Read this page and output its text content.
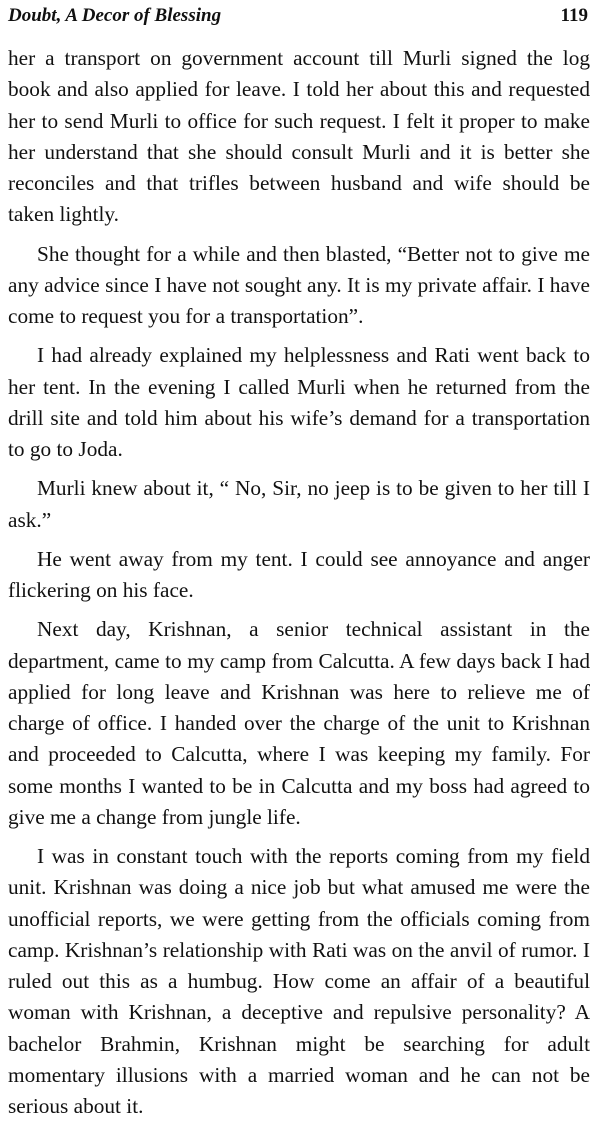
Doubt, A Decor of Blessing	119

her a transport on government account till Murli signed the log book and also applied for leave. I told her about this and requested her to send Murli to office for such request. I felt it proper to make her understand that she should consult Murli and it is better she reconciles and that trifles between husband and wife should be taken lightly.

She thought for a while and then blasted, “Better not to give me any advice since I have not sought any. It is my private affair. I have come to request you for a transportation”.

I had already explained my helplessness and Rati went back to her tent. In the evening I called Murli when he returned from the drill site and told him about his wife’s demand for a transportation to go to Joda.

Murli knew about it, “ No, Sir, no jeep is to be given to her till I ask.”

He went away from my tent. I could see annoyance and anger flickering on his face.

Next day, Krishnan, a senior technical assistant in the department, came to my camp from Calcutta. A few days back I had applied for long leave and Krishnan was here to relieve me of charge of office. I handed over the charge of the unit to Krishnan and proceeded to Calcutta, where I was keeping my family. For some months I wanted to be in Calcutta and my boss had agreed to give me a change from jungle life.

I was in constant touch with the reports coming from my field unit. Krishnan was doing a nice job but what amused me were the unofficial reports, we were getting from the officials coming from camp. Krishnan’s relationship with Rati was on the anvil of rumor. I ruled out this as a humbug. How come an affair of a beautiful woman with Krishnan, a deceptive and repulsive personality? A bachelor Brahmin, Krishnan might be searching for adult momentary illusions with a married woman and he can not be serious about it.
